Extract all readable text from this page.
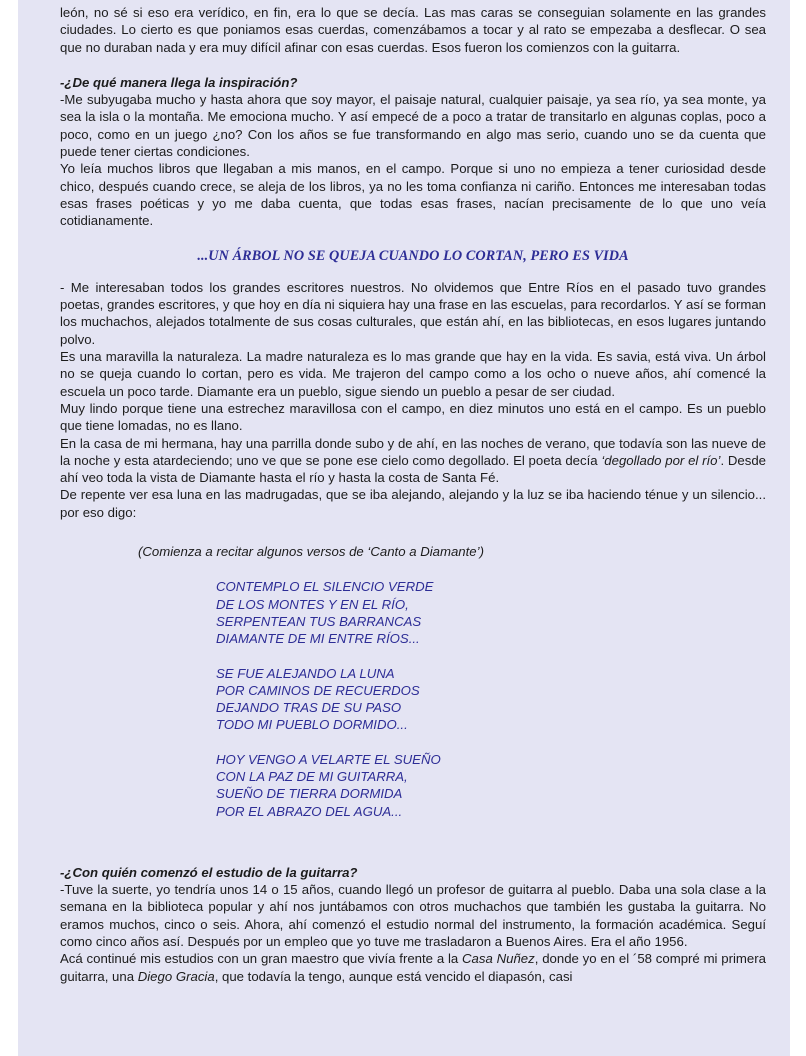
león, no sé si eso era verídico, en fin, era lo que se decía. Las mas caras se conseguian solamente en las grandes ciudades. Lo cierto es que poniamos esas cuerdas, comenzábamos a tocar y al rato se empezaba a desflecar. O sea que no duraban nada y era muy difícil afinar con esas cuerdas. Esos fueron los comienzos con la guitarra.

-¿De qué manera llega la inspiración?

-Me subyugaba mucho y hasta ahora que soy mayor, el paisaje natural, cualquier paisaje, ya sea río, ya sea monte, ya sea la isla o la montaña. Me emociona mucho. Y así empecé de a poco a tratar de transitarlo en algunas coplas, poco a poco, como en un juego ¿no? Con los años se fue transformando en algo mas serio, cuando uno se da cuenta que puede tener ciertas condiciones.

Yo leía muchos libros que llegaban a mis manos, en el campo. Porque si uno no empieza a tener curiosidad desde chico, después cuando crece, se aleja de los libros, ya no les toma confianza ni cariño. Entonces me interesaban todas esas frases poéticas y yo me daba cuenta, que todas esas frases, nacían precisamente de lo que uno veía cotidianamente.

...UN ÁRBOL NO SE QUEJA CUANDO LO CORTAN, PERO ES VIDA

- Me interesaban todos los grandes escritores nuestros. No olvidemos que Entre Ríos en el pasado tuvo grandes poetas, grandes escritores, y que hoy en día ni siquiera hay una frase en las escuelas, para recordarlos. Y así se forman los muchachos, alejados totalmente de sus cosas culturales, que están ahí, en las bibliotecas, en esos lugares juntando polvo.

Es una maravilla la naturaleza. La madre naturaleza es lo mas grande que hay en la vida. Es savia, está viva. Un árbol no se queja cuando lo cortan, pero es vida. Me trajeron del campo como a los ocho o nueve años, ahí comencé la escuela un poco tarde. Diamante era un pueblo, sigue siendo un pueblo a pesar de ser ciudad.

Muy lindo porque tiene una estrechez maravillosa con el campo, en diez minutos uno está en el campo. Es un pueblo que tiene lomadas, no es llano.

En la casa de mi hermana, hay una parrilla donde subo y de ahí, en las noches de verano, que todavía son las nueve de la noche y esta atardeciendo; uno ve que se pone ese cielo como degollado. El poeta decía ‘degollado por el río’. Desde ahí veo toda la vista de Diamante hasta el río y hasta la costa de Santa Fé.

De repente ver esa luna en las madrugadas, que se iba alejando, alejando y la luz se iba haciendo ténue y un silencio... por eso digo:

(Comienza a recitar algunos versos de ‘Canto a Diamante’)

CONTEMPLO EL SILENCIO VERDE
DE LOS MONTES Y EN EL RÍO,
SERPENTEAN TUS BARRANCAS
DIAMANTE DE MI ENTRE RÍOS...
SE FUE ALEJANDO LA LUNA
POR CAMINOS DE RECUERDOS
DEJANDO TRAS DE SU PASO
TODO MI PUEBLO DORMIDO...
HOY VENGO A VELARTE EL SUEÑO
CON LA PAZ DE MI GUITARRA,
SUEÑO DE TIERRA DORMIDA
POR EL ABRAZO DEL AGUA...

-¿Con quién comenzó el estudio de la guitarra?

-Tuve la suerte, yo tendría unos 14 o 15 años, cuando llegó un profesor de guitarra al pueblo. Daba una sola clase a la semana en la biblioteca popular y ahí nos juntábamos con otros muchachos que también les gustaba la guitarra. No eramos muchos, cinco o seis. Ahora, ahí comenzó el estudio normal del instrumento, la formación académica. Seguí como cinco años así. Después por un empleo que yo tuve me trasladaron a Buenos Aires. Era el año 1956.

Acá continué mis estudios con un gran maestro que vivía frente a la Casa Nuñez, donde yo en el ´58 compré mi primera guitarra, una Diego Gracia, que todavía la tengo, aunque está vencido el diapasón, casi
